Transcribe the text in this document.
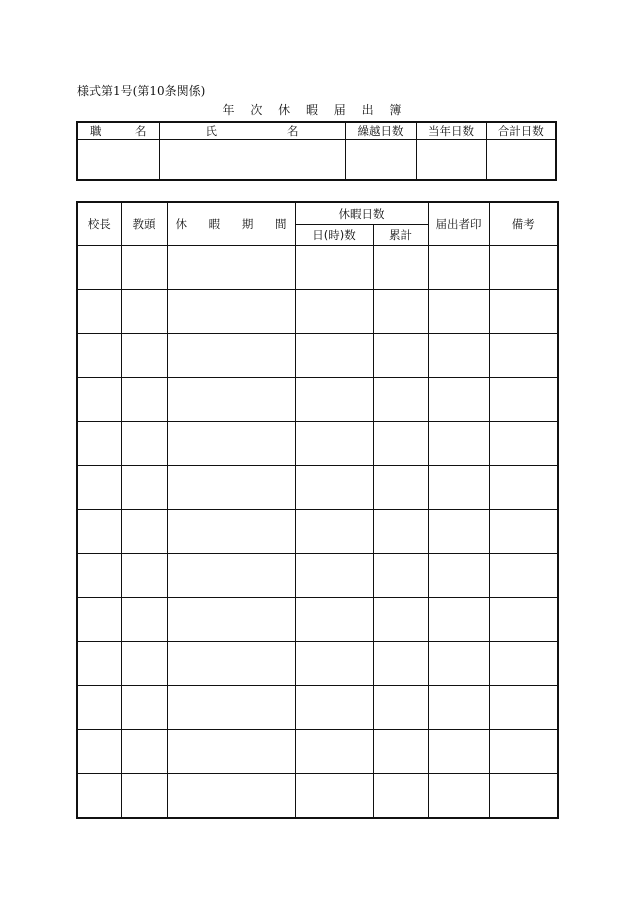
様式第1号(第10条関係)
年 次 休 暇 届 出 簿
職 名	氏 名	繰越日数	当年日数	合計日数

校長	教頭	休 暇 期 間	休暇日数		届出者印	備考
			日(時)数	累計		
